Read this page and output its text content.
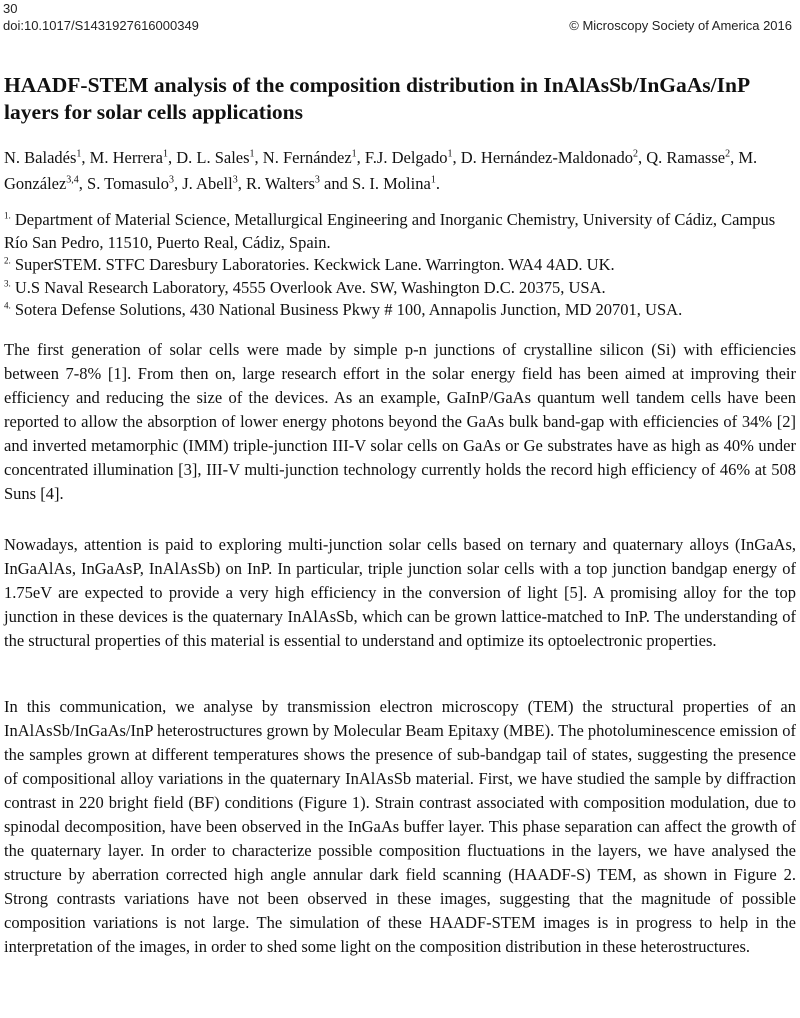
30
doi:10.1017/S1431927616000349	© Microscopy Society of America 2016
HAADF-STEM analysis of the composition distribution in InAlAsSb/InGaAs/InP layers for solar cells applications
N. Baladés$^1$, M. Herrera$^1$, D. L. Sales$^1$, N. Fernández$^1$, F.J. Delgado$^1$, D. Hernández-Maldonado$^2$, Q. Ramasse$^2$, M. González$^{3,4}$, S. Tomasulo$^3$, J. Abell$^3$, R. Walters$^3$ and S. I. Molina$^1$.
$^{1.}$ Department of Material Science, Metallurgical Engineering and Inorganic Chemistry, University of Cádiz, Campus Río San Pedro, 11510, Puerto Real, Cádiz, Spain.
$^{2.}$ SuperSTEM. STFC Daresbury Laboratories. Keckwick Lane. Warrington. WA4 4AD. UK.
$^{3.}$ U.S Naval Research Laboratory, 4555 Overlook Ave. SW, Washington D.C. 20375, USA.
$^{4.}$ Sotera Defense Solutions, 430 National Business Pkwy # 100, Annapolis Junction, MD 20701, USA.

The first generation of solar cells were made by simple p-n junctions of crystalline silicon (Si) with efficiencies between 7-8% [1]. From then on, large research effort in the solar energy field has been aimed at improving their efficiency and reducing the size of the devices. As an example, GaInP/GaAs quantum well tandem cells have been reported to allow the absorption of lower energy photons beyond the GaAs bulk band-gap with efficiencies of 34% [2] and inverted metamorphic (IMM) triple-junction III-V solar cells on GaAs or Ge substrates have as high as 40% under concentrated illumination [3], III-V multi-junction technology currently holds the record high efficiency of 46% at 508 Suns [4].

Nowadays, attention is paid to exploring multi-junction solar cells based on ternary and quaternary alloys (InGaAs, InGaAlAs, InGaAsP, InAlAsSb) on InP. In particular, triple junction solar cells with a top junction bandgap energy of 1.75eV are expected to provide a very high efficiency in the conversion of light [5]. A promising alloy for the top junction in these devices is the quaternary InAlAsSb, which can be grown lattice-matched to InP. The understanding of the structural properties of this material is essential to understand and optimize its optoelectronic properties.

In this communication, we analyse by transmission electron microscopy (TEM) the structural properties of an InAlAsSb/InGaAs/InP heterostructures grown by Molecular Beam Epitaxy (MBE). The photoluminescence emission of the samples grown at different temperatures shows the presence of sub-bandgap tail of states, suggesting the presence of compositional alloy variations in the quaternary InAlAsSb material. First, we have studied the sample by diffraction contrast in 220 bright field (BF) conditions (Figure 1). Strain contrast associated with composition modulation, due to spinodal decomposition, have been observed in the InGaAs buffer layer. This phase separation can affect the growth of the quaternary layer. In order to characterize possible composition fluctuations in the layers, we have analysed the structure by aberration corrected high angle annular dark field scanning (HAADF-S) TEM, as shown in Figure 2. Strong contrasts variations have not been observed in these images, suggesting that the magnitude of possible composition variations is not large. The simulation of these HAADF-STEM images is in progress to help in the interpretation of the images, in order to shed some light on the composition distribution in these heterostructures.
